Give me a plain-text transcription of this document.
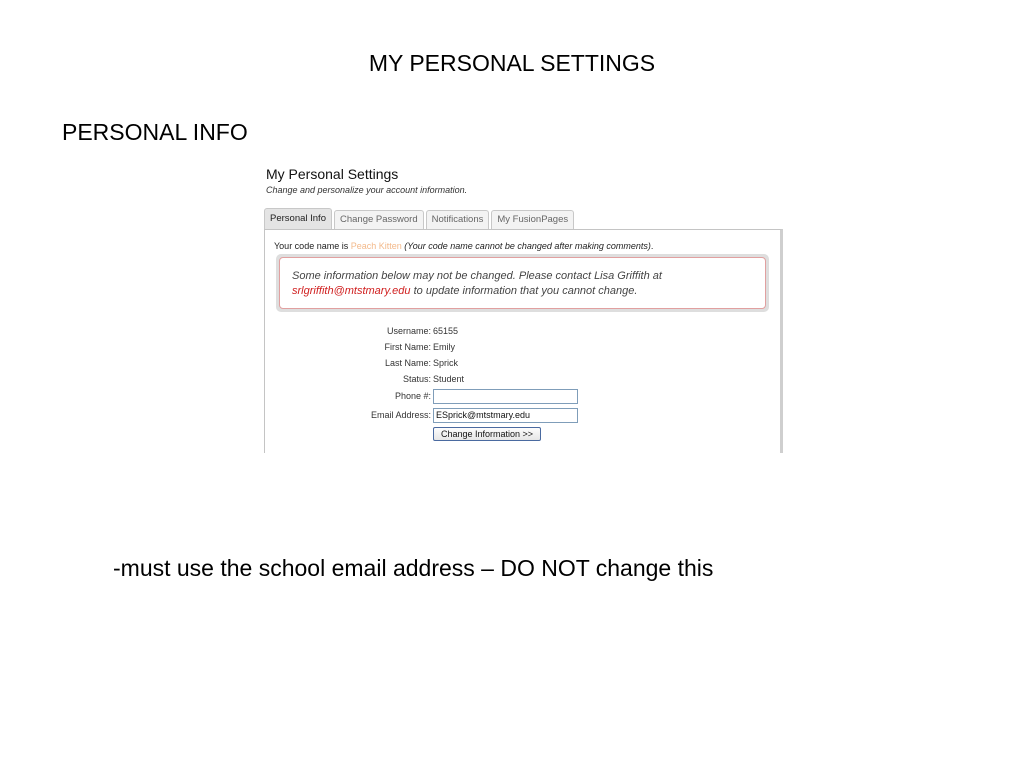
MY PERSONAL SETTINGS
PERSONAL INFO
My Personal Settings
Change and personalize your account information.
Personal Info	Change Password	Notifications	My FusionPages
Your code name is Peach Kitten (Your code name cannot be changed after making comments).
Some information below may not be changed. Please contact Lisa Griffith at
srlgriffith@mtstmary.edu to update information that you cannot change.
Username: 65155
First Name: Emily
Last Name: Sprick
Status: Student
Phone #:
Email Address:
ESprick@mtstmary.edu
Change Information >>
-must use the school email address – DO NOT change this
